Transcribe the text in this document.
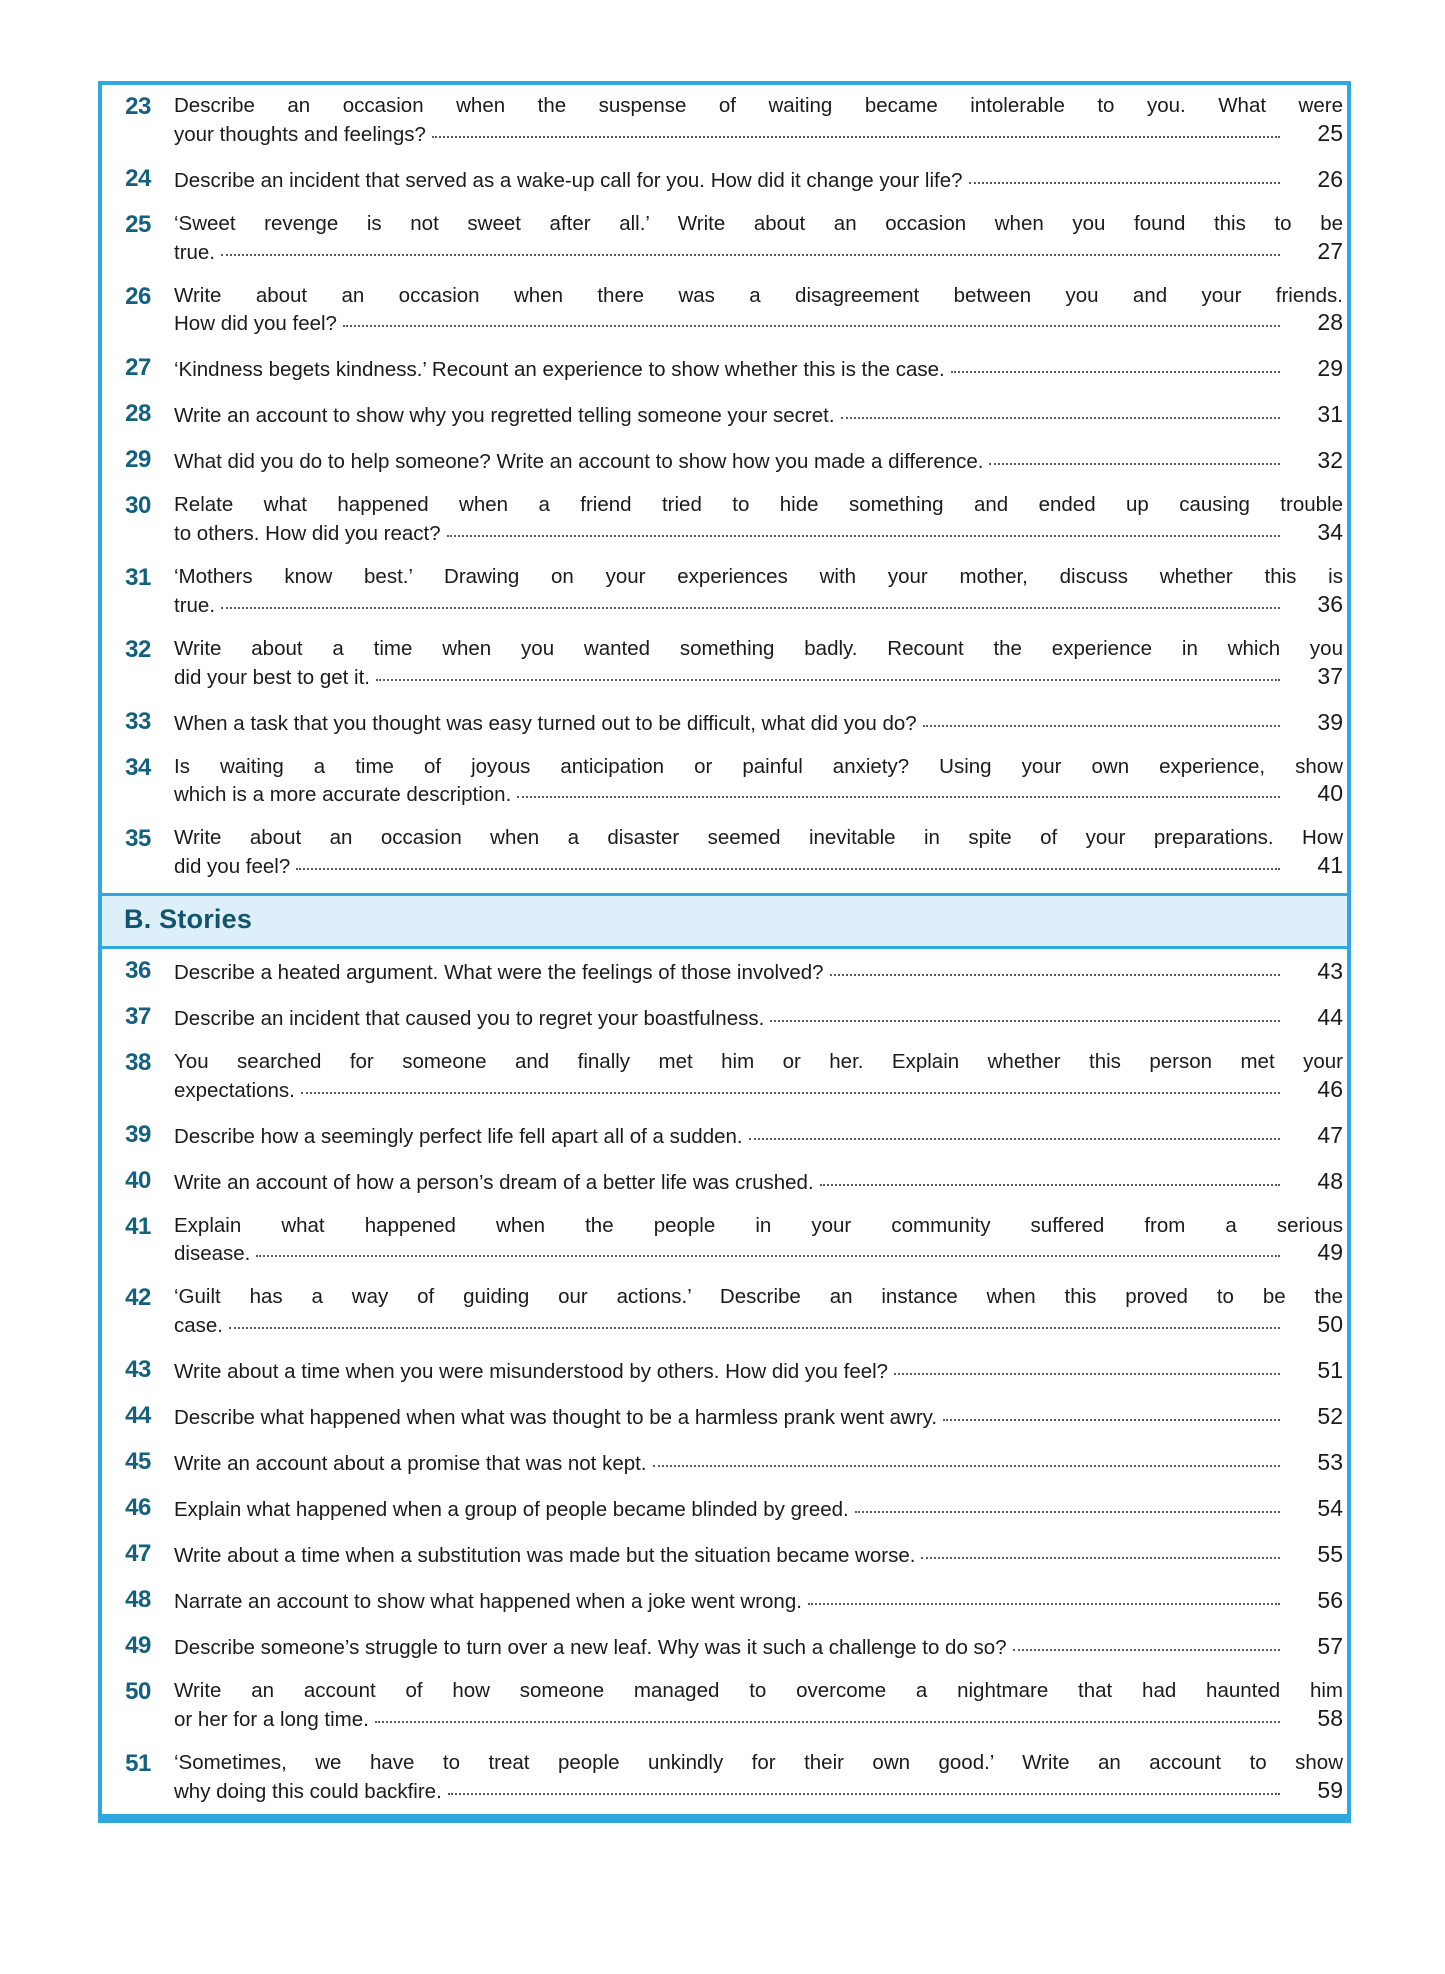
23	Describe an occasion when the suspense of waiting became intolerable to you. What were
your thoughts and feelings?	25
24	Describe an incident that served as a wake-up call for you. How did it change your life?	26
25	‘Sweet revenge is not sweet after all.’ Write about an occasion when you found this to be
true.	27
26	Write about an occasion when there was a disagreement between you and your friends.
How did you feel?	28
27	‘Kindness begets kindness.’ Recount an experience to show whether this is the case.	29
28	Write an account to show why you regretted telling someone your secret.	31
29	What did you do to help someone? Write an account to show how you made a difference.	32
30	Relate what happened when a friend tried to hide something and ended up causing trouble
to others. How did you react?	34
31	‘Mothers know best.’ Drawing on your experiences with your mother, discuss whether this is
true.	36
32	Write about a time when you wanted something badly. Recount the experience in which you
did your best to get it.	37
33	When a task that you thought was easy turned out to be difficult, what did you do?	39
34	Is waiting a time of joyous anticipation or painful anxiety? Using your own experience, show
which is a more accurate description.	40
35	Write about an occasion when a disaster seemed inevitable in spite of your preparations. How
did you feel?	41
B. Stories
36	Describe a heated argument. What were the feelings of those involved?	43
37	Describe an incident that caused you to regret your boastfulness.	44
38	You searched for someone and finally met him or her. Explain whether this person met your
expectations.	46
39	Describe how a seemingly perfect life fell apart all of a sudden.	47
40	Write an account of how a person’s dream of a better life was crushed.	48
41	Explain what happened when the people in your community suffered from a serious
disease.	49
42	‘Guilt has a way of guiding our actions.’ Describe an instance when this proved to be the
case.	50
43	Write about a time when you were misunderstood by others. How did you feel?	51
44	Describe what happened when what was thought to be a harmless prank went awry.	52
45	Write an account about a promise that was not kept.	53
46	Explain what happened when a group of people became blinded by greed.	54
47	Write about a time when a substitution was made but the situation became worse.	55
48	Narrate an account to show what happened when a joke went wrong.	56
49	Describe someone’s struggle to turn over a new leaf. Why was it such a challenge to do so?	57
50	Write an account of how someone managed to overcome a nightmare that had haunted him
or her for a long time.	58
51	‘Sometimes, we have to treat people unkindly for their own good.’ Write an account to show
why doing this could backfire.	59
